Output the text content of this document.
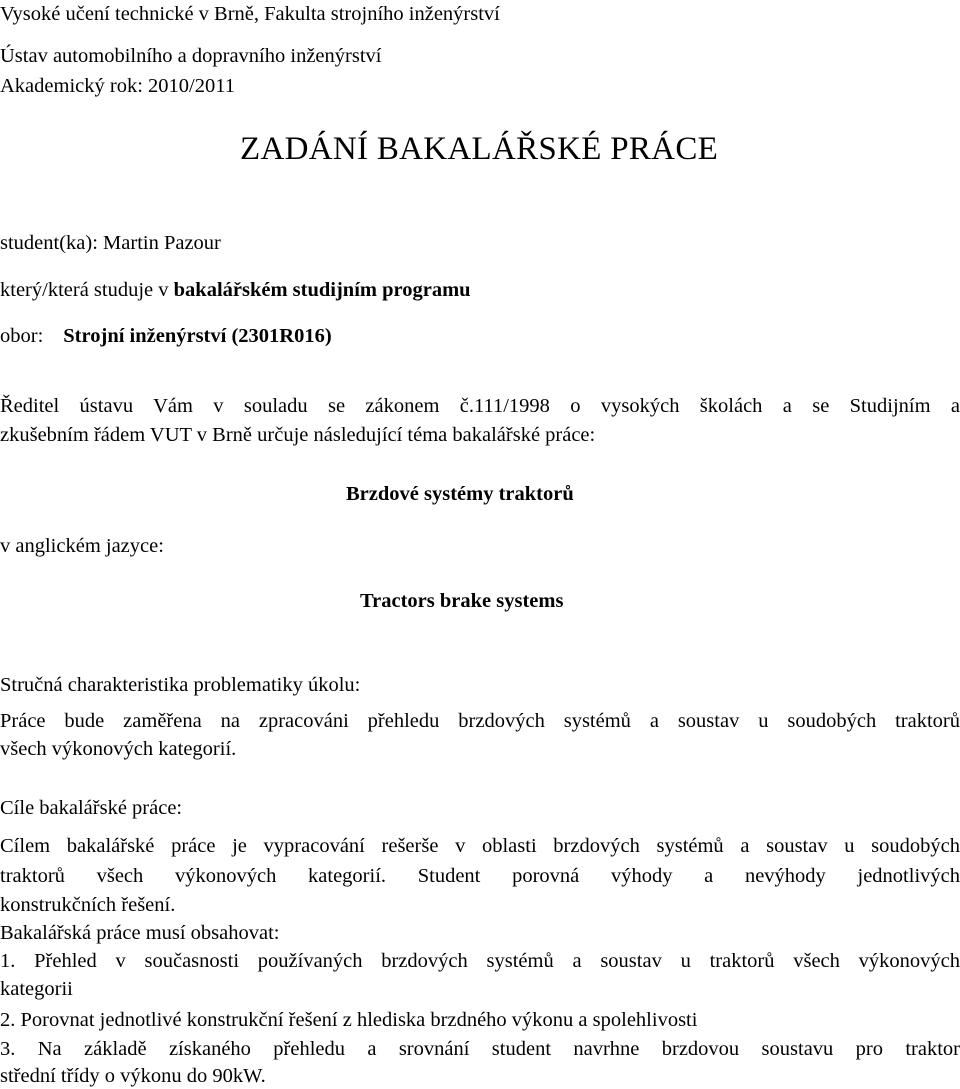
Vysoké učení technické v Brně, Fakulta strojního inženýrství
Ústav automobilního a dopravního inženýrství
Akademický rok: 2010/2011
ZADÁNÍ BAKALÁŘSKÉ PRÁCE
student(ka): Martin Pazour
který/která studuje v bakalářském studijním programu
obor: Strojní inženýrství (2301R016)
Ředitel ústavu Vám v souladu se zákonem č.111/1998 o vysokých školách a se Studijním a
zkušebním řádem VUT v Brně určuje následující téma bakalářské práce:
Brzdové systémy traktorů
v anglickém jazyce:
Tractors brake systems
Stručná charakteristika problematiky úkolu:
Práce bude zaměřena na zpracováni přehledu brzdových systémů a soustav u soudobých traktorů
všech výkonových kategorií.
Cíle bakalářské práce:
Cílem bakalářské práce je vypracování rešerše v oblasti brzdových systémů a soustav u soudobých
traktorů všech výkonových kategorií. Student porovná výhody a nevýhody jednotlivých
konstrukčních řešení.
Bakalářská práce musí obsahovat:
1. Přehled v současnosti používaných brzdových systémů a soustav u traktorů všech výkonových
kategorii
2. Porovnat jednotlivé konstrukční řešení z hlediska brzdného výkonu a spolehlivosti
3. Na základě získaného přehledu a srovnání student navrhne brzdovou soustavu pro traktor
střední třídy o výkonu do 90kW.
